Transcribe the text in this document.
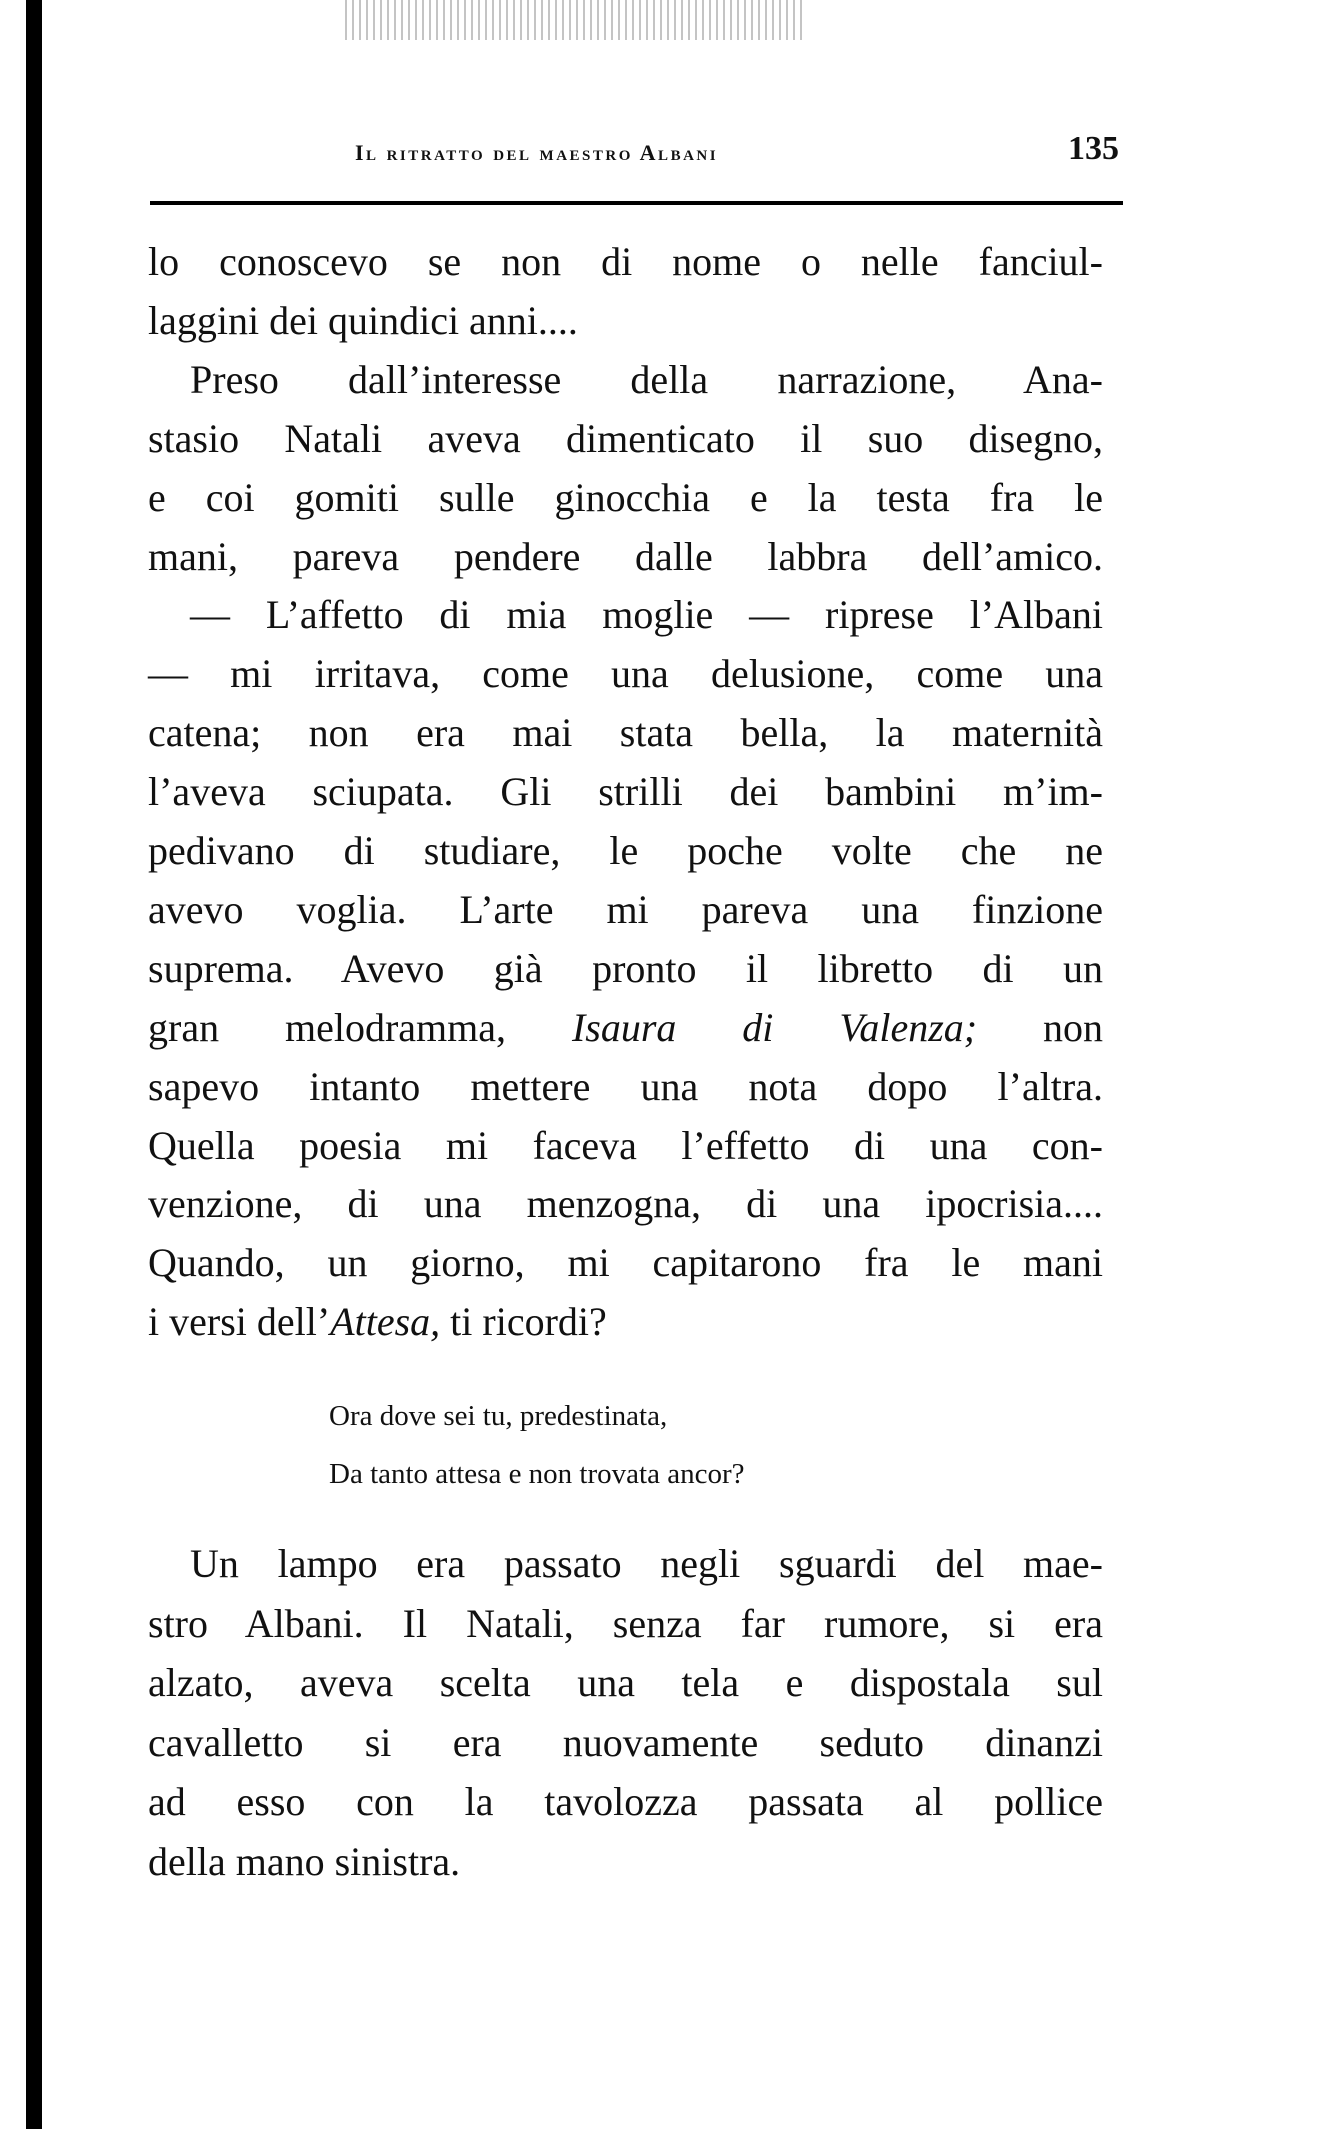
Il ritratto del maestro Albani	135
lo conoscevo se non di nome o nelle fanciul-
laggini dei quindici anni....
Preso dall’interesse della narrazione, Ana-
stasio Natali aveva dimenticato il suo disegno,
e coi gomiti sulle ginocchia e la testa fra le
mani, pareva pendere dalle labbra dell’amico.
— L’affetto di mia moglie — riprese l’Albani
— mi irritava, come una delusione, come una
catena; non era mai stata bella, la maternità
l’aveva sciupata. Gli strilli dei bambini m’im-
pedivano di studiare, le poche volte che ne
avevo voglia. L’arte mi pareva una finzione
suprema. Avevo già pronto il libretto di un
gran melodramma, Isaura di Valenza; non
sapevo intanto mettere una nota dopo l’altra.
Quella poesia mi faceva l’effetto di una con-
venzione, di una menzogna, di una ipocrisia....
Quando, un giorno, mi capitarono fra le mani
i versi dell’Attesa, ti ricordi?
Ora dove sei tu, predestinata,
Da tanto attesa e non trovata ancor?
Un lampo era passato negli sguardi del mae-
stro Albani. Il Natali, senza far rumore, si era
alzato, aveva scelta una tela e dispostala sul
cavalletto si era nuovamente seduto dinanzi
ad esso con la tavolozza passata al pollice
della mano sinistra.
